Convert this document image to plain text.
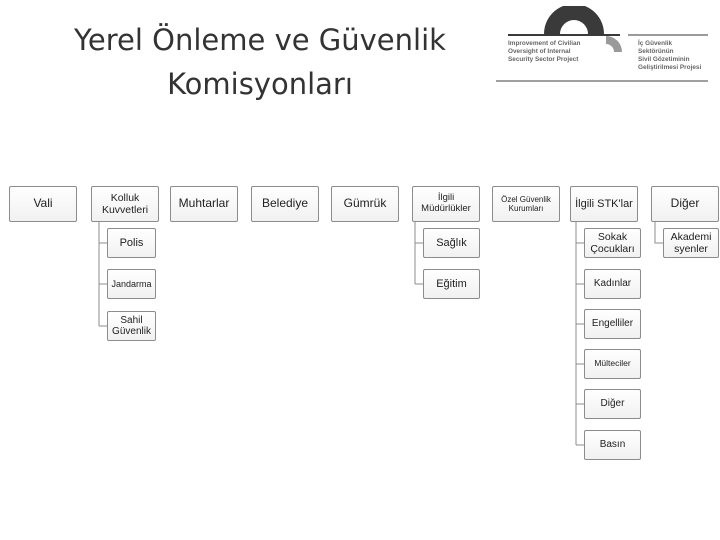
Yerel Önleme ve Güvenlik Komisyonları
Improvement of Civilian
Oversight of Internal
Security Sector Project
İç Güvenlik Sektörünün
Sivil Gözetiminin
Geliştirilmesi Projesi
Vali	Kolluk Kuvvetleri	Muhtarlar	Belediye	Gümrük	İlgili Müdürlükler
Özel Güvenlik Kurumları	İlgili STK'lar	Diğer
Polis
Jandarma
Sahil Güvenlik
Sağlık
Eğitim
Sokak Çocukları
Kadınlar
Engelliler
Mülteciler
Diğer
Basın
Akademi syenler
